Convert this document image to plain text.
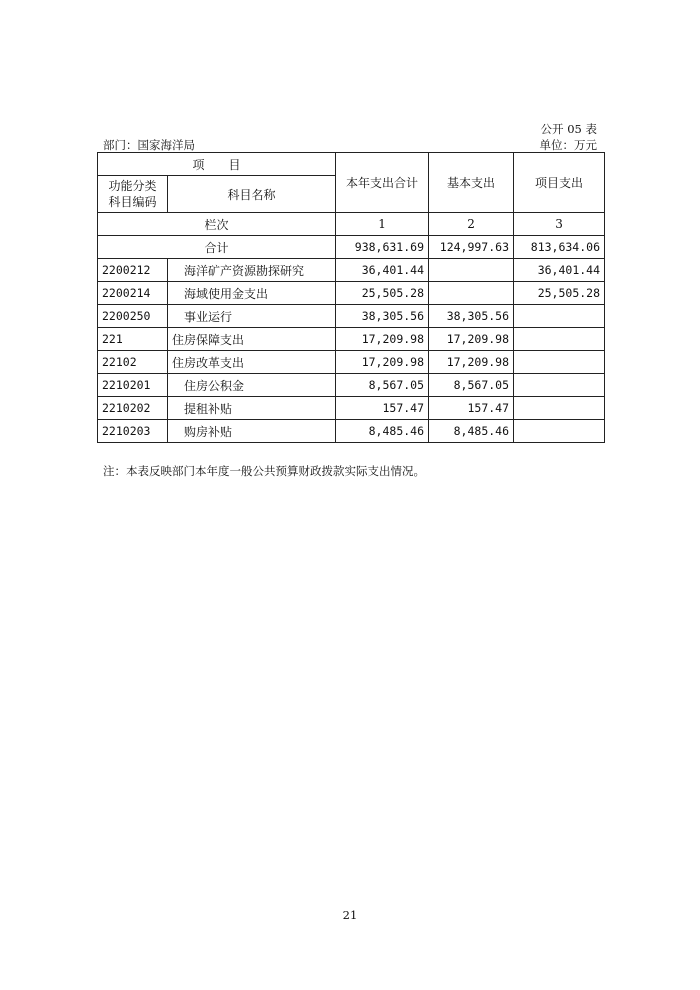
公开 05 表
部门：国家海洋局	单位：万元
项　　目		本年支出合计	基本支出	项目支出

功能分类
科目编码	科目名称			
栏次		1	2	3
合计		938,631.69	124,997.63	813,634.06
2200212	海洋矿产资源勘探研究	36,401.44		36,401.44
2200214	海域使用金支出	25,505.28		25,505.28
2200250	事业运行	38,305.56	38,305.56	
221	住房保障支出	17,209.98	17,209.98	
22102	住房改革支出	17,209.98	17,209.98	
2210201	住房公积金	8,567.05	8,567.05	
2210202	提租补贴	157.47	157.47	
2210203	购房补贴	8,485.46	8,485.46	
注：本表反映部门本年度一般公共预算财政拨款实际支出情况。
21
